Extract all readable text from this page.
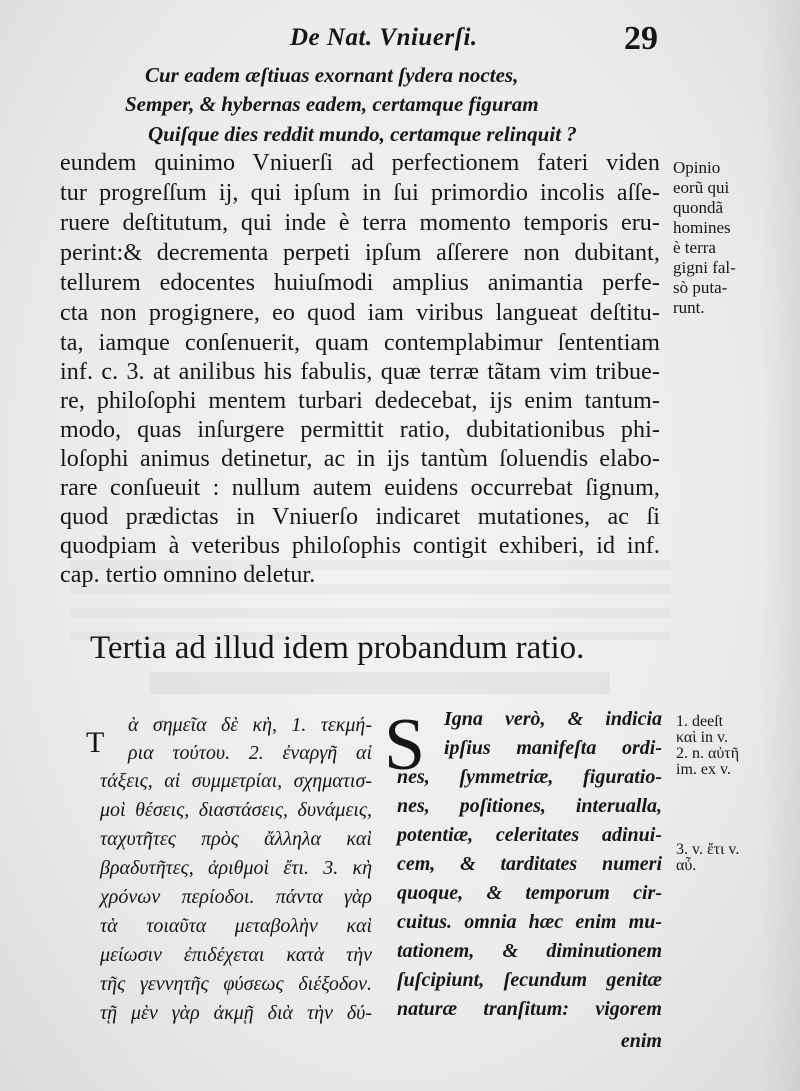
De Nat. Vniuerſi.	29
Cur eadem æſtiuas exornant ſydera noctes,
Semper, & hybernas eadem, certamque figuram
Quiſque dies reddit mundo, certamque relinquit ?
eundem quinimo Vniuerſi ad perfectionem fateri viden
tur progreſſum ij, qui ipſum in ſui primordio incolis aſſe-
ruere deſtitutum, qui inde è terra momento temporis eru-
perint:& decrementa perpeti ipſum aſſerere non dubitant,
tellurem edocentes huiuſmodi amplius animantia perfe-
cta non progignere, eo quod iam viribus langueat deſtitu-
ta, iamque conſenuerit, quam contemplabimur ſententiam
inf. c. 3. at anilibus his fabulis, quæ terræ tãtam vim tribue-
re, philoſophi mentem turbari dedecebat, ijs enim tantum-
modo, quas inſurgere permittit ratio, dubitationibus phi-
loſophi animus detinetur, ac in ijs tantùm ſoluendis elabo-
rare conſueuit : nullum autem euidens occurrebat ſignum,
quod prædictas in Vniuerſo indicaret mutationes, ac ſi
quodpiam à veteribus philoſophis contigit exhiberi, id inf.
cap. tertio omnino deletur.
Opinio
eorũ qui
quondã
homines
è terra
gigni fal-
sò puta-
runt.
Tertia ad illud idem probandum ratio.
T
ὰ σημεῖα δὲ κὴ, 1. τεκμή-
ρια τούτου. 2. ἐναργῆ αἱ
τάξεις, αἱ συμμετρίαι, σχηματισ-
μοὶ θέσεις, διαστάσεις, δυνάμεις,
ταχυτῆτες πρὸς ἄλληλα καὶ
βραδυτῆτες, ἀριθμοὶ ἔτι. 3. κὴ
χρόνων περίοδοι. πάντα γὰρ
τὰ τοιαῦτα μεταβολὴν καὶ
μείωσιν ἐπιδέχεται κατὰ τὴν
τῆς γεννητῆς φύσεως διέξοδον.
τῇ μὲν γὰρ ἀκμῇ διὰ τὴν δύ-
S Igna verò, & indicia
ipſius manifeſta ordi-
nes, ſymmetriæ, figuratio-
nes, poſitiones, interualla,
potentiæ, celeritates adinui-
cem, & tarditates numeri
quoque, & temporum cir-
cuitus. omnia hæc enim mu-
tationem, & diminutionem
ſuſcipiunt, ſecundum genitæ
naturæ tranſitum: vigorem
enim
1. deeſt
καὶ in v.
2. n. αὐτῆ
im. ex v.

3. v. ἔτι v.
αὖ.
